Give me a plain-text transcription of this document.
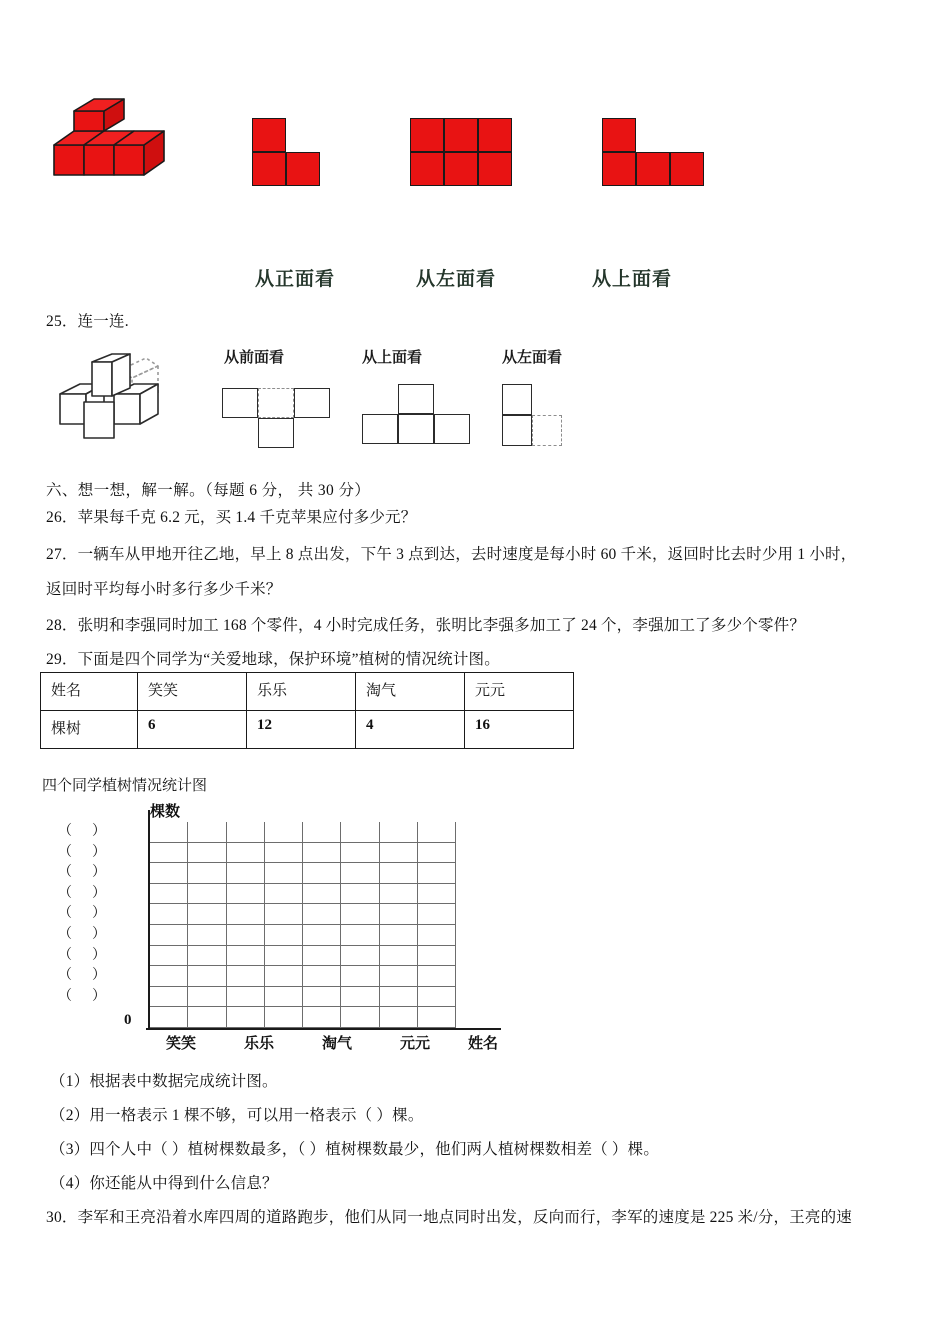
从正面看	从左面看	从上面看
25．连一连.
从前面看	从上面看	从左面看
六、想一想，解一解。（每题 6 分， 共 30 分）
26．苹果每千克 6.2 元，买 1.4 千克苹果应付多少元？
27．一辆车从甲地开往乙地，早上 8 点出发，下午 3 点到达，去时速度是每小时 60 千米，返回时比去时少用 1 小时，
返回时平均每小时多行多少千米？
28．张明和李强同时加工 168 个零件，4 小时完成任务，张明比李强多加工了 24 个，李强加工了多少个零件？
29．下面是四个同学为“关爱地球，保护环境”植树的情况统计图。
姓名	笑笑	乐乐	淘气	元元
棵树	6	12	4	16
四个同学植树情况统计图
棵数
（ ）
（ ）
（ ）
（ ）
（ ）
（ ）
（ ）
（ ）
（ ）
0
笑笑	乐乐	淘气	元元	姓名
（1）根据表中数据完成统计图。
（2）用一格表示 1 棵不够，可以用一格表示（ ）棵。
（3）四个人中（ ）植树棵数最多，（ ）植树棵数最少，他们两人植树棵数相差（ ）棵。
（4）你还能从中得到什么信息？
30．李军和王亮沿着水库四周的道路跑步，他们从同一地点同时出发，反向而行，李军的速度是 225 米/分，王亮的速
